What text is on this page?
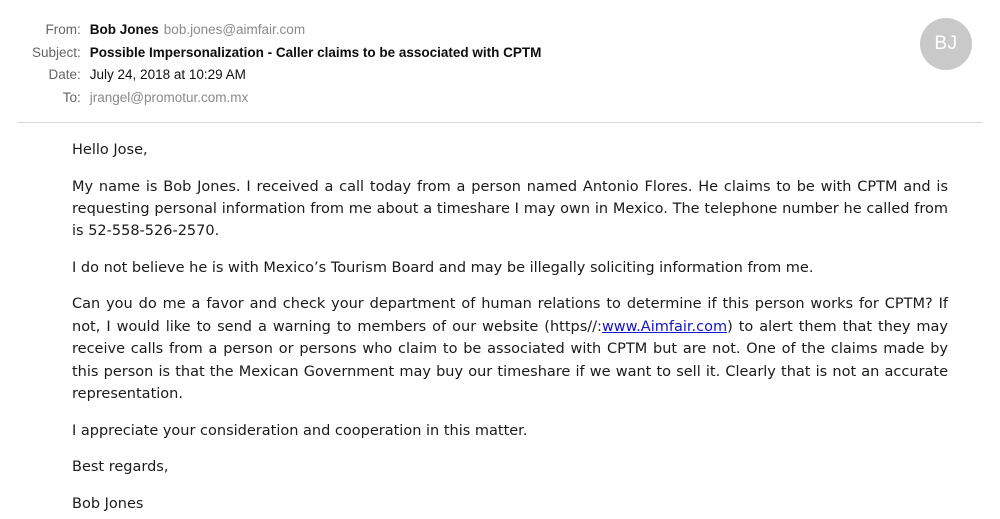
From:	Bob Jones bob.jones@aimfair.com
Subject:	Possible Impersonalization - Caller claims to be associated with CPTM
Date:	July 24, 2018 at 10:29 AM
To:	jrangel@promotur.com.mx
BJ

Hello Jose,

My name is Bob Jones. I received a call today from a person named Antonio Flores. He claims to be with CPTM and is requesting personal information from me about a timeshare I may own in Mexico. The telephone number he called from is 52-558-526-2570.

I do not believe he is with Mexico’s Tourism Board and may be illegally soliciting information from me.

Can you do me a favor and check your department of human relations to determine if this person works for CPTM? If not, I would like to send a warning to members of our website (https//:www.Aimfair.com) to alert them that they may receive calls from a person or persons who claim to be associated with CPTM but are not. One of the claims made by this person is that the Mexican Government may buy our timeshare if we want to sell it. Clearly that is not an accurate representation.

I appreciate your consideration and cooperation in this matter.

Best regards,

Bob Jones
